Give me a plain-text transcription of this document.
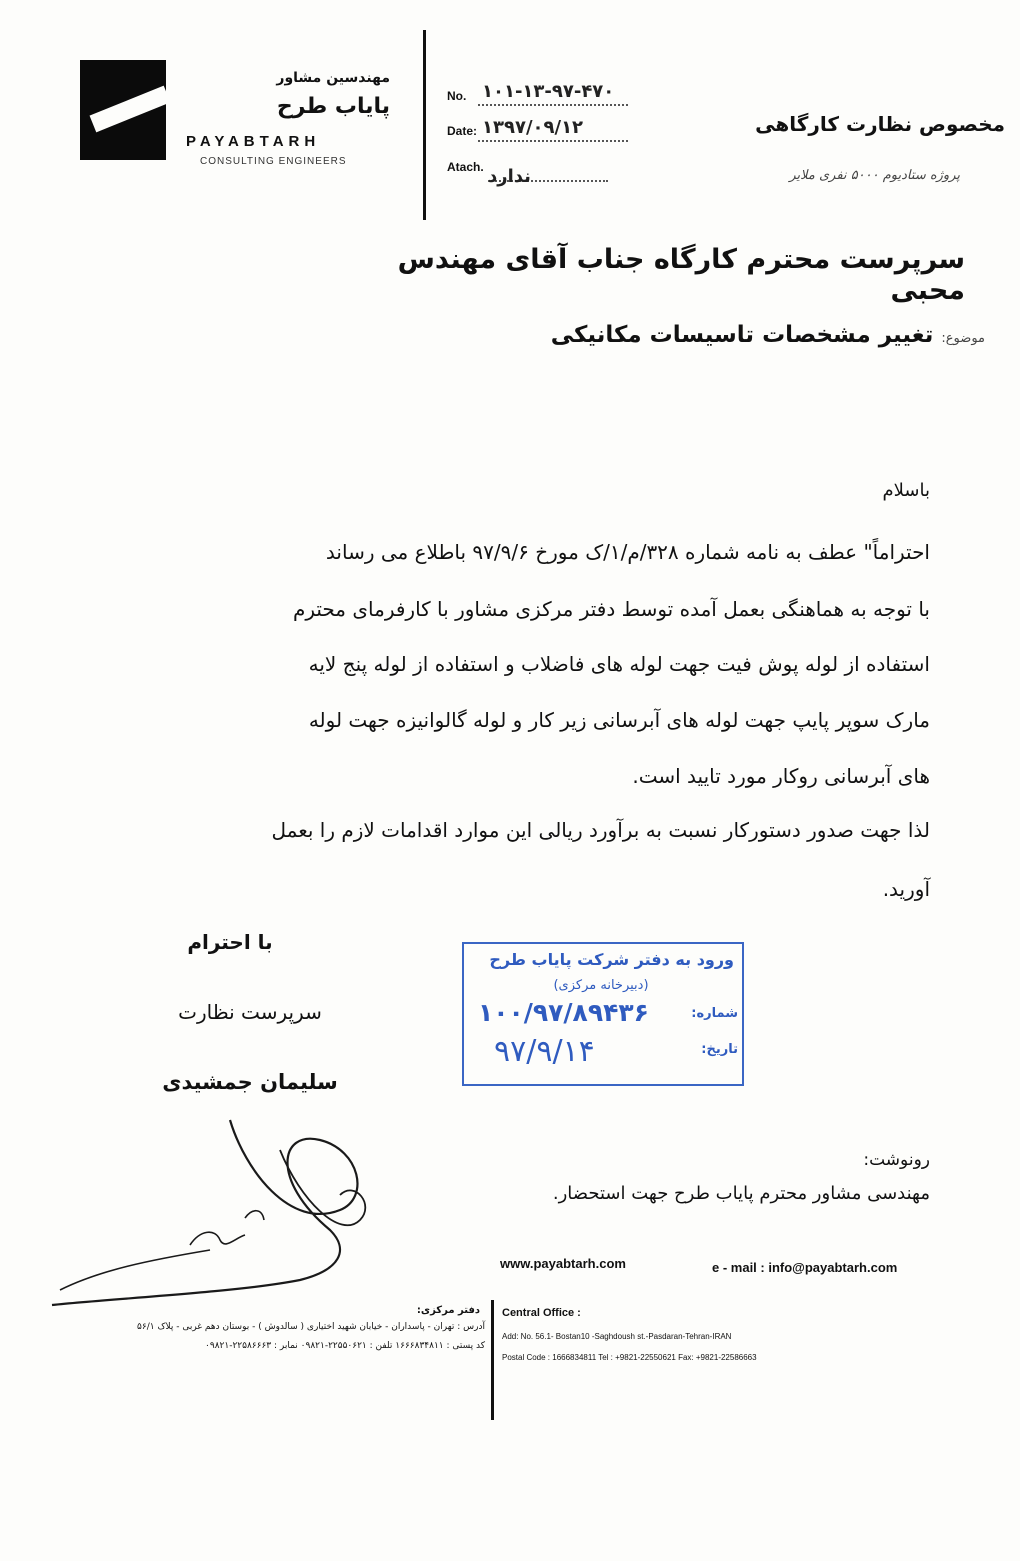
مهندسین مشاور
پایاب طرح
PAYABTARH
CONSULTING ENGINEERS
No. ۱۰۱-۱۳-۹۷-۴۷۰
Date: ۱۳۹۷/۰۹/۱۲
Atach. ندارد
مخصوص نظارت کارگاهی
پروژه ستادیوم ۵۰۰۰ نفری ملایر
سرپرست محترم کارگاه جناب آقای مهندس محبی
موضوع:تغییر مشخصات تاسیسات مکانیکی
باسلام
احتراماً" عطف به نامه شماره ۳۲۸/م/۱/ک مورخ ۹۷/۹/۶ باطلاع می رساند
با توجه به هماهنگی بعمل آمده توسط دفتر مرکزی مشاور با کارفرمای محترم
استفاده از لوله پوش فیت جهت لوله های فاضلاب و استفاده از لوله پنج لایه
مارک سوپر پایپ جهت لوله های آبرسانی زیر کار و لوله گالوانیزه جهت لوله
های آبرسانی روکار مورد تایید است.
لذا جهت صدور دستورکار نسبت به برآورد ریالی این موارد اقدامات لازم را بعمل
آورید.
با احترام
سرپرست نظارت
سلیمان جمشیدی
ورود به دفتر شرکت پایاب طرح
(دبیرخانه مرکزی)
شماره:
۱۰۰/۹۷/۸۹۴۳۶
تاریخ:
۹۷/۹/۱۴
رونوشت:
مهندسی مشاور محترم پایاب طرح جهت استحضار.
www.payabtarh.com	e - mail : info@payabtarh.com
دفتر مرکزی:
آدرس : تهران - پاسداران - خیابان شهید اختیاری ( سالدوش ) - بوستان دهم غربی - پلاک ۵۶/۱
کد پستی : ۱۶۶۶۸۳۴۸۱۱ تلفن : ۲۲۵۵۰۶۲۱-۰۹۸۲۱ نمابر : ۲۲۵۸۶۶۶۳-۰۹۸۲۱
Central Office :
Add: No. 56.1- Bostan10 -Saghdoush st.-Pasdaran-Tehran-IRAN
Postal Code : 1666834811 Tel : +9821-22550621 Fax: +9821-22586663
